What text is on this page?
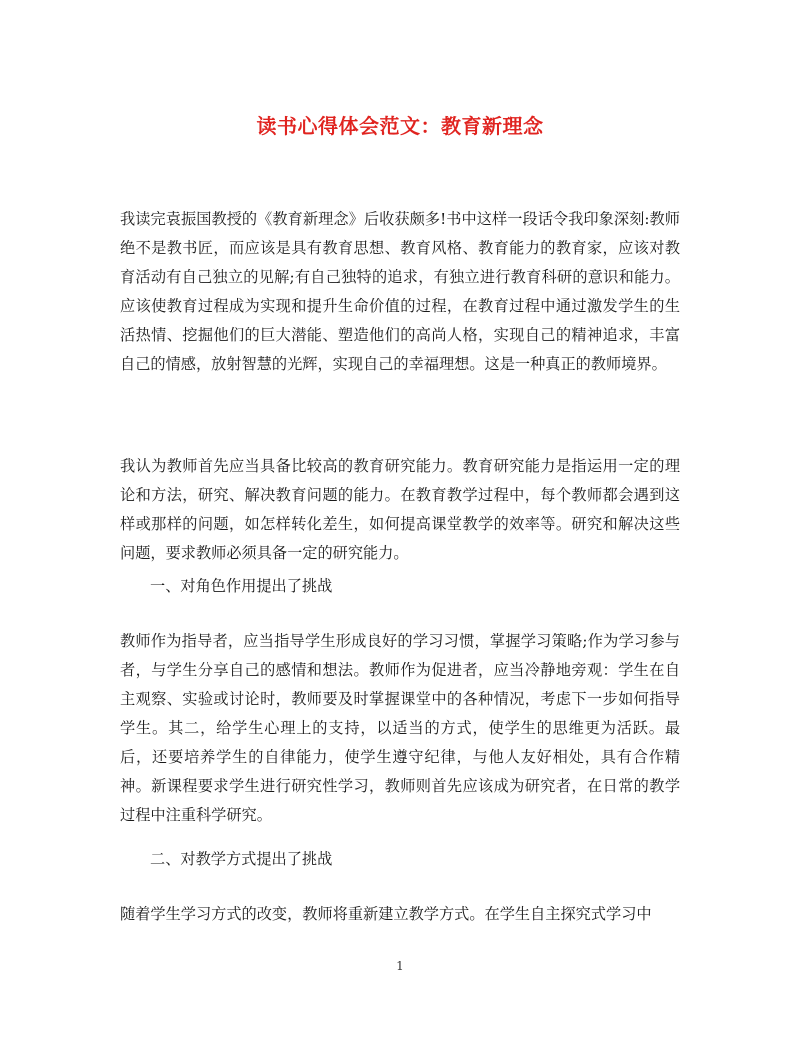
读书心得体会范文：教育新理念

我读完袁振国教授的《教育新理念》后收获颇多!书中这样一段话令我印象深刻:教师绝不是教书匠，而应该是具有教育思想、教育风格、教育能力的教育家，应该对教育活动有自己独立的见解;有自己独特的追求，有独立进行教育科研的意识和能力。应该使教育过程成为实现和提升生命价值的过程，在教育过程中通过激发学生的生活热情、挖掘他们的巨大潜能、塑造他们的高尚人格，实现自己的精神追求，丰富自己的情感，放射智慧的光辉，实现自己的幸福理想。这是一种真正的教师境界。

我认为教师首先应当具备比较高的教育研究能力。教育研究能力是指运用一定的理论和方法，研究、解决教育问题的能力。在教育教学过程中，每个教师都会遇到这样或那样的问题，如怎样转化差生，如何提高课堂教学的效率等。研究和解决这些问题，要求教师必须具备一定的研究能力。

一、对角色作用提出了挑战

教师作为指导者，应当指导学生形成良好的学习习惯，掌握学习策略;作为学习参与者，与学生分享自己的感情和想法。教师作为促进者，应当冷静地旁观：学生在自主观察、实验或讨论时，教师要及时掌握课堂中的各种情况，考虑下一步如何指导学生。其二，给学生心理上的支持，以适当的方式，使学生的思维更为活跃。最后，还要培养学生的自律能力，使学生遵守纪律，与他人友好相处，具有合作精神。新课程要求学生进行研究性学习，教师则首先应该成为研究者，在日常的教学过程中注重科学研究。

二、对教学方式提出了挑战

随着学生学习方式的改变，教师将重新建立教学方式。在学生自主探究式学习中

1
